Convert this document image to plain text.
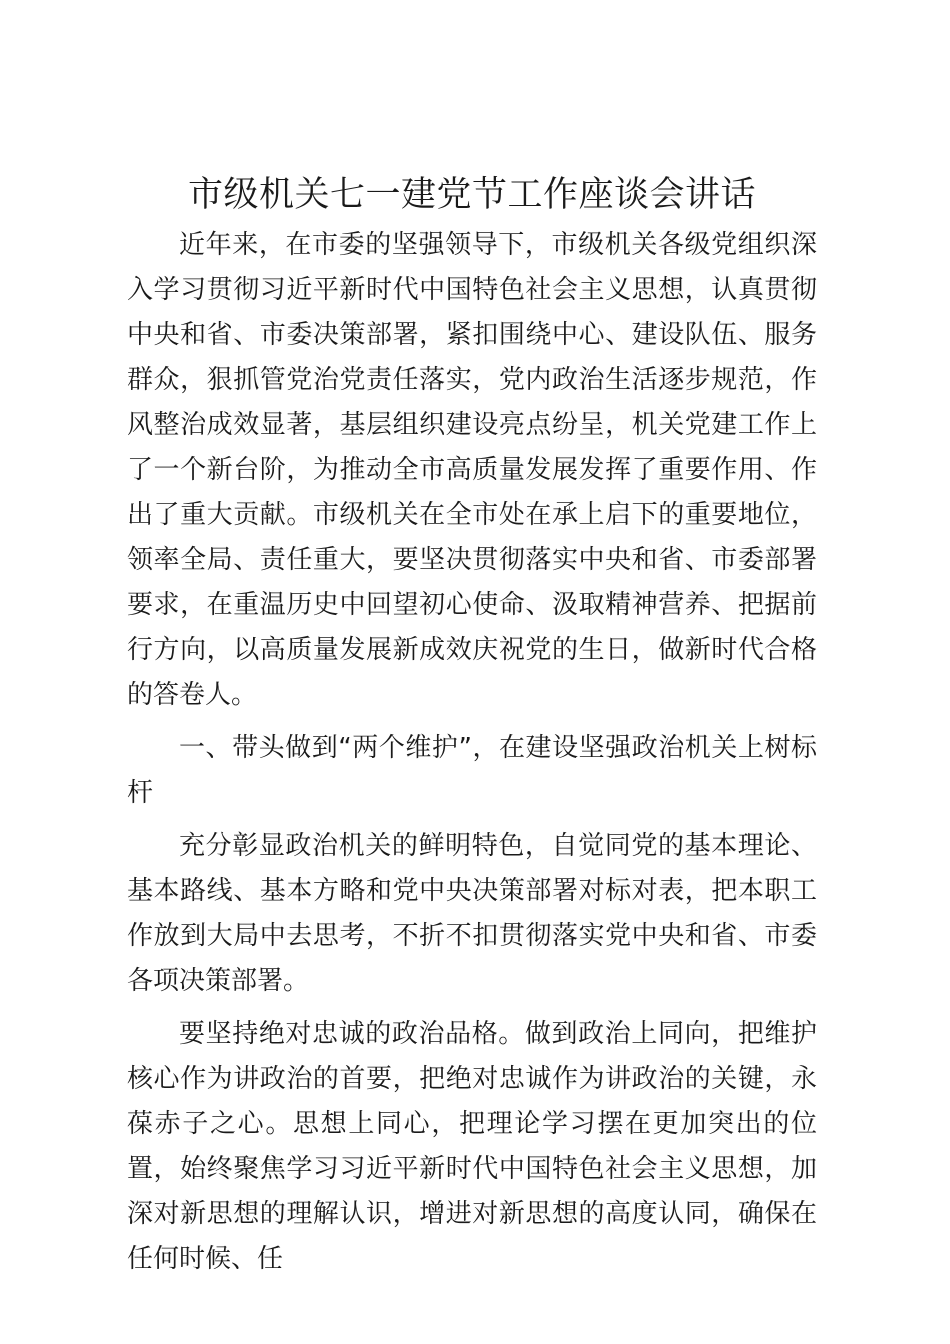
市级机关七一建党节工作座谈会讲话

近年来，在市委的坚强领导下，市级机关各级党组织深入学习贯彻习近平新时代中国特色社会主义思想，认真贯彻中央和省、市委决策部署，紧扣围绕中心、建设队伍、服务群众，狠抓管党治党责任落实，党内政治生活逐步规范，作风整治成效显著，基层组织建设亮点纷呈，机关党建工作上了一个新台阶，为推动全市高质量发展发挥了重要作用、作出了重大贡献。市级机关在全市处在承上启下的重要地位，领率全局、责任重大，要坚决贯彻落实中央和省、市委部署要求，在重温历史中回望初心使命、汲取精神营养、把据前行方向，以高质量发展新成效庆祝党的生日，做新时代合格的答卷人。

一、带头做到“两个维护”，在建设坚强政治机关上树标杆

充分彰显政治机关的鲜明特色，自觉同党的基本理论、基本路线、基本方略和党中央决策部署对标对表，把本职工作放到大局中去思考，不折不扣贯彻落实党中央和省、市委各项决策部署。

要坚持绝对忠诚的政治品格。做到政治上同向，把维护核心作为讲政治的首要，把绝对忠诚作为讲政治的关键，永葆赤子之心。思想上同心，把理论学习摆在更加突出的位置，始终聚焦学习习近平新时代中国特色社会主义思想，加深对新思想的理解认识，增进对新思想的高度认同，确保在任何时候、任
